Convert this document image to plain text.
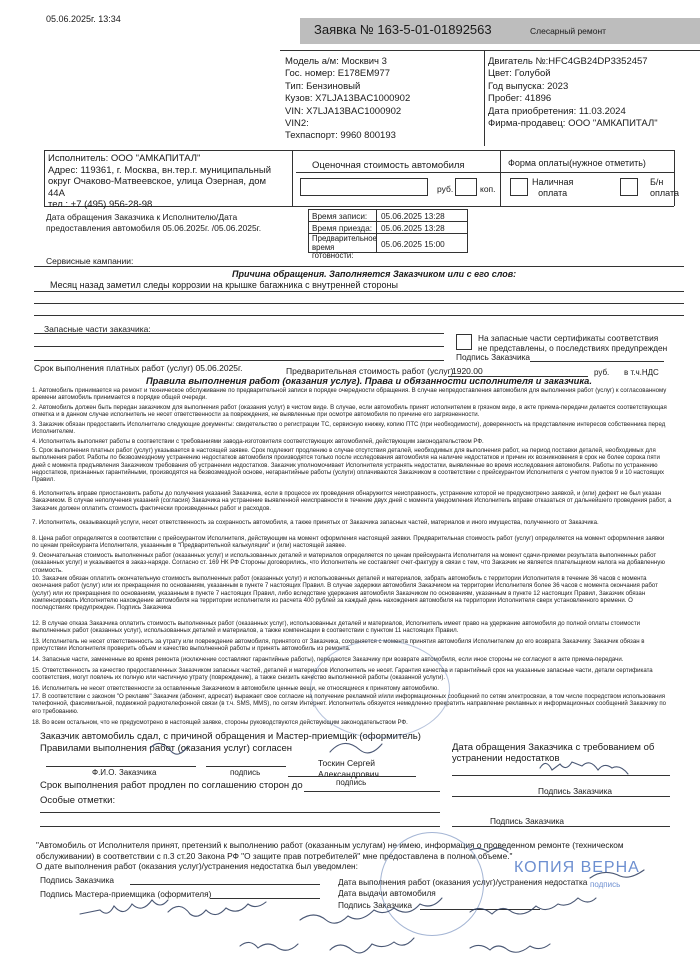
05.06.2025г. 13:34
Заявка № 163-5-01-01892563	Слесарный ремонт
Модель а/м: Москвич 3
Гос. номер: Е178ЕМ977
Тип: Бензиновый
Кузов: X7LJA13BAC1000902
VIN: X7LJA13BAC1000902
VIN2:
Техпаспорт: 9960 800193
Двигатель №:HFC4GB24DP3352457
Цвет: Голубой
Год выпуска: 2023
Пробег: 41896
Дата приобретения: 11.03.2024
Фирма-продавец: ООО "АМКАПИТАЛ"
Исполнитель: ООО "АМКАПИТАЛ"
Адрес: 119361, г. Москва, вн.тер.г. муниципальный
округ Очаково-Матвеевское, улица Озерная, дом
44А
тел.: +7 (495) 956-28-98
Оценочная стоимость автомобиля
руб.	коп.
Форма оплаты(нужное отметить)
Наличная
оплата
Б/н
оплата
Дата обращения Заказчика к Исполнителю/Дата
предоставления автомобиля 05.06.2025г. /05.06.2025г.
Время записи: 05.06.2025 13:28
Время приезда: 05.06.2025 13:28
Предварительное время готовности:
05.06.2025 15:00
Сервисные кампании:
Причина обращения. Заполняется Заказчиком или с его слов:
Месяц назад заметил следы коррозии на крышке багажника с внутренней стороны
Запасные части заказчика:
На запасные части сертификаты соответствия
не представлены, о последствиях предупрежден
Подпись Заказчика
Срок выполнения платных работ (услуг) 05.06.2025г.	Предварительная стоимость работ (услуг)
1920.00	руб. в т.ч.НДС
Правила выполнения работ (оказания услуг). Права и обязанности исполнителя и заказчика.
1. Автомобиль принимается на ремонт и техническое обслуживание по предварительной записи в порядке очередности обращения. В случае непредоставления автомобиля для выполнения работ (услуг) к согласованному времени автомобиль принимается в порядке общей очереди.
2. Автомобиль должен быть передан заказчиком для выполнения работ (оказания услуг) в чистом виде. В случае, если автомобиль принят исполнителем в грязном виде, в акте приема-передачи делается соответствующая отметка и в данном случае исполнитель не несет ответственности за повреждения, не выявленные при осмотре автомобиля по причине его загрязненности.
3. Заказчик обязан предоставить Исполнителю следующие документы: свидетельство о регистрации ТС, сервисную книжку, копию ПТС (при необходимости), доверенность на представление интересов собственника перед Исполнителем.
4. Исполнитель выполняет работы в соответствии с требованиями завода-изготовителя соответствующих автомобилей, действующим законодательством РФ.
5. Срок выполнения платных работ (услуг) указывается в настоящей заявке. Срок подлежит продлению в случае отсутствия деталей, необходимых для выполнения работ, на период поставки деталей, необходимых для выполнения работ. Работы по безвозмездному устранению недостатков автомобиля производятся только после исследования автомобиля на наличие недостатков и причин их возникновения в срок не более сорока пяти дней с момента предъявления Заказчиком требования об устранении недостатков. Заказчик уполномочивает Исполнителя устранять недостатки, выявленные во время исследования автомобиля. Работы по устранению недостатков, признанных гарантийными, производятся на безвозмездной основе, негарантийные работы (услуги) оплачиваются Заказчиком в соответствии с прейскурантом Исполнителя с учетом пунктов 9 и 10 настоящих Правил.
6. Исполнитель вправе приостановить работы до получения указаний Заказчика, если в процессе их проведения обнаружится неисправность, устранение которой не предусмотрено заявкой, и (или) дефект не был указан Заказчиком. В случае неполучения указаний (согласия) Заказчика на устранение выявленной неисправности в течение двух дней с момента уведомления Исполнитель вправе отказаться от дальнейшего проведения работ, а Заказчик должен оплатить стоимость фактически произведенных работ и расходов.
7. Исполнитель, оказывающий услуги, несет ответственность за сохранность автомобиля, а также принятых от Заказчика запасных частей, материалов и иного имущества, полученного от Заказчика.
8. Цена работ определяется в соответствии с прейскурантом Исполнителя, действующим на момент оформления настоящей заявки. Предварительная стоимость работ (услуг) определяется на момент оформления заявки по ценам прейскуранта Исполнителя, указанным в "Предварительной калькуляции" и (или) настоящей заявке.
9. Окончательная стоимость выполненных работ (оказанных услуг) и использованных деталей и материалов определяется по ценам прейскуранта Исполнителя на момент сдачи-приемки результата выполненных работ (оказанных услуг) и указывается в заказ-наряде. Согласно ст. 169 НК РФ Стороны договорились, что Исполнитель не составляет счет-фактуру в связи с тем, что Заказчик не является плательщиком налога на добавленную стоимость.
10. Заказчик обязан оплатить окончательную стоимость выполненных работ (оказанных услуг) и использованных деталей и материалов, забрать автомобиль с территории Исполнителя в течение 36 часов с момента окончания работ (услуг) или их прекращения по основаниям, указанным в пункте 7 настоящих Правил. В случае задержки автомобиля Заказчиком на территории Исполнителя более 36 часов с момента окончания работ (услуг) или их прекращения по основаниям, указанным в пункте 7 настоящих Правил, либо вследствие удержания автомобиля Заказчиком по основаниям, указанным в пункте 12 настоящих Правил, Заказчик обязан компенсировать Исполнителю нахождение автомобиля на территории исполнителя из расчета 400 рублей за каждый день нахождения автомобиля на территории Исполнителя сверх установленного времени. О последствиях предупрежден. Подпись Заказчика
12. В случае отказа Заказчика оплатить стоимость выполненных работ (оказанных услуг), использованных деталей и материалов, Исполнитель имеет право на удержание автомобиля до полной оплаты стоимости выполненных работ (оказанных услуг), использованных деталей и материалов, а также компенсации в соответствии с пунктом 11 настоящих Правил.
13. Исполнитель не несет ответственность за утрату или повреждение автомобиля, принятого от Заказчика, сохраняется с момента принятия автомобиля Исполнителем до его возврата Заказчику. Заказчик обязан в присутствии Исполнителя проверить объем и качество выполненной работы и принять автомобиль из ремонта.
14. Запасные части, замененные во время ремонта (исключение составляют гарантийные работы), передаются Заказчику при возврате автомобиля, если иное стороны не согласуют в акте приема-передачи.
15. Ответственность за качество предоставленных Заказчиком запасных частей, деталей и материалов Исполнитель не несет. Гарантия качества и гарантийный срок на указанные запасные части, детали сертификата соответствия, могут повлечь их полную или частичную утрату (повреждение), а также снизить качество выполненной работы (оказанной услуги).
16. Исполнитель не несет ответственности за оставленные Заказчиком в автомобиле ценные вещи, не относящиеся к принятому автомобилю.
17. В соответствии с законом "О рекламе" Заказчик (абонент, адресат) выражает свое согласие на получение рекламной и/или информационных сообщений по сетям электросвязи, в том числе посредством использования телефонной, факсимильной, подвижной радиотелефонной связи (в т.ч. SMS, MMS), по сетям Интернет. Исполнитель обязуется немедленно прекратить направление рекламных и информационных сообщений Заказчику по его требованию.
18. Во всем остальном, что не предусмотрено в настоящей заявке, стороны руководствуются действующим законодательством РФ.
Заказчик автомобиль сдал, с причиной обращения и Мастер-приемщик (оформитель)
Правилами выполнения работ (оказания услуг) согласен
Ф.И.О. Заказчика	подпись
Тоскин Сергей
Александрович
подпись
Дата обращения Заказчика с требованием об
устранении недостатков
Подпись Заказчика
Срок выполнения работ продлен по соглашению сторон до
Особые отметки:
Подпись Заказчика
"Автомобиль от Исполнителя принят, претензий к выполнению работ (оказанным услугам) не имею, информация о проведенном ремонте (техническом
обслуживании) в соответствии с п.3 ст.20 Закона РФ "О защите прав потребителей" мне предоставлена в полном объеме."
О дате выполнения работ (оказания услуг)/устранения недостатка был уведомлен:
Подпись Заказчика
Подпись Мастера-приемщика (оформителя)
Дата выполнения работ (оказания услуг)/устранения недостатка
Дата выдачи автомобиля
Подпись Заказчика
КОПИЯ ВЕРНА
подпись
